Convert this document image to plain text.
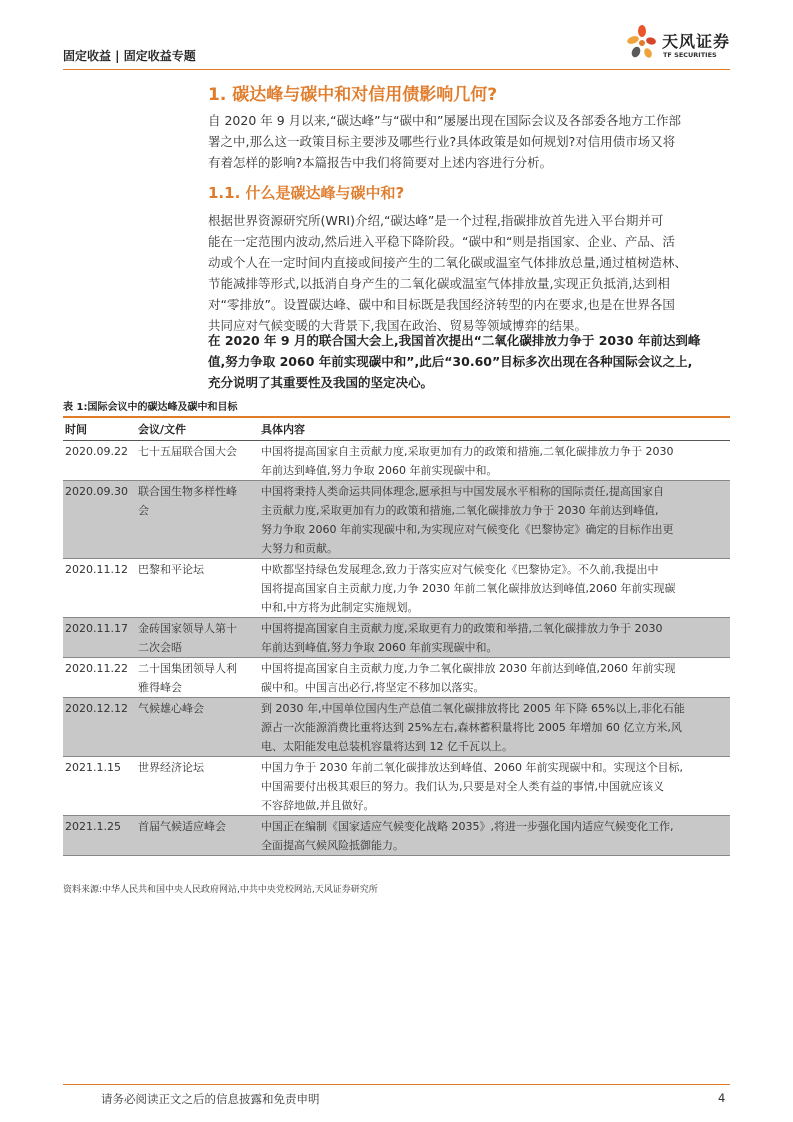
固定收益 | 固定收益专题
天风证券
TF SECURITIES
1. 碳达峰与碳中和对信用债影响几何?
自 2020 年 9 月以来,“碳达峰”与“碳中和”屡屡出现在国际会议及各部委各地方工作部
署之中,那么这一政策目标主要涉及哪些行业?具体政策是如何规划?对信用债市场又将
有着怎样的影响?本篇报告中我们将简要对上述内容进行分析。
1.1. 什么是碳达峰与碳中和?
根据世界资源研究所(WRI)介绍,“碳达峰”是一个过程,指碳排放首先进入平台期并可
能在一定范围内波动,然后进入平稳下降阶段。“碳中和“则是指国家、企业、产品、活
动或个人在一定时间内直接或间接产生的二氧化碳或温室气体排放总量,通过植树造林、
节能减排等形式,以抵消自身产生的二氧化碳或温室气体排放量,实现正负抵消,达到相
对“零排放”。设置碳达峰、碳中和目标既是我国经济转型的内在要求,也是在世界各国
共同应对气候变暖的大背景下,我国在政治、贸易等领域博弈的结果。
在 2020 年 9 月的联合国大会上,我国首次提出“二氧化碳排放力争于 2030 年前达到峰
值,努力争取 2060 年前实现碳中和”,此后“30.60”目标多次出现在各种国际会议之上,
充分说明了其重要性及我国的坚定决心。
表 1:国际会议中的碳达峰及碳中和目标
时间	会议/文件	具体内容
2020.09.22	七十五届联合国大会	中国将提高国家自主贡献力度,采取更加有力的政策和措施,二氧化碳排放力争于 2030
年前达到峰值,努力争取 2060 年前实现碳中和。

2020.09.30	联合国生物多样性峰
会	中国将秉持人类命运共同体理念,愿承担与中国发展水平相称的国际责任,提高国家自
主贡献力度,采取更加有力的政策和措施,二氧化碳排放力争于 2030 年前达到峰值,
努力争取 2060 年前实现碳中和,为实现应对气候变化《巴黎协定》确定的目标作出更
大努力和贡献。

2020.11.12	巴黎和平论坛	中欧都坚持绿色发展理念,致力于落实应对气候变化《巴黎协定》。不久前,我提出中
国将提高国家自主贡献力度,力争 2030 年前二氧化碳排放达到峰值,2060 年前实现碳
中和,中方将为此制定实施规划。

2020.11.17	金砖国家领导人第十
二次会晤	中国将提高国家自主贡献力度,采取更有力的政策和举措,二氧化碳排放力争于 2030
年前达到峰值,努力争取 2060 年前实现碳中和。

2020.11.22	二十国集团领导人利
雅得峰会	中国将提高国家自主贡献力度,力争二氧化碳排放 2030 年前达到峰值,2060 年前实现
碳中和。中国言出必行,将坚定不移加以落实。

2020.12.12	气候雄心峰会	到 2030 年,中国单位国内生产总值二氧化碳排放将比 2005 年下降 65%以上,非化石能
源占一次能源消费比重将达到 25%左右,森林蓄积量将比 2005 年增加 60 亿立方米,风
电、太阳能发电总装机容量将达到 12 亿千瓦以上。

2021.1.15	世界经济论坛	中国力争于 2030 年前二氧化碳排放达到峰值、2060 年前实现碳中和。实现这个目标,
中国需要付出极其艰巨的努力。我们认为,只要是对全人类有益的事情,中国就应该义
不容辞地做,并且做好。

2021.1.25	首届气候适应峰会	中国正在编制《国家适应气候变化战略 2035》,将进一步强化国内适应气候变化工作,
全面提高气候风险抵御能力。
资料来源:中华人民共和国中央人民政府网站,中共中央党校网站,天风证券研究所
请务必阅读正文之后的信息披露和免责申明	4
